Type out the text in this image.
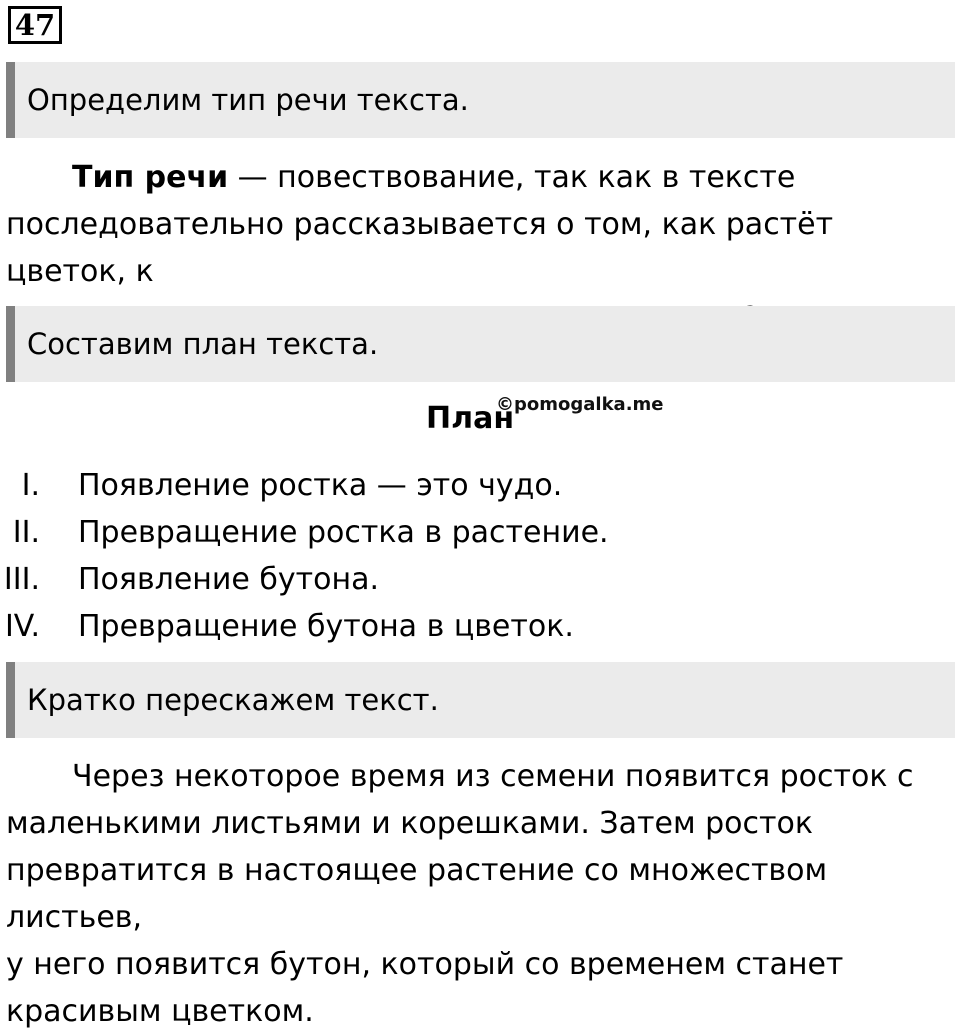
47
Определим тип речи текста.
Тип речи — повествование, так как в тексте
последовательно рассказывается о том, как растёт цветок, к
Составим план текста.
План
©pomogalka.me
I. Появление ростка — это чудо.
II. Превращение ростка в растение.
III. Появление бутона.
IV. Превращение бутона в цветок.
Кратко перескажем текст.
Через некоторое время из семени появится росток с
маленькими листьями и корешками. Затем росток
превратится в настоящее растение со множеством листьев,
у него появится бутон, который со временем станет
красивым цветком.
